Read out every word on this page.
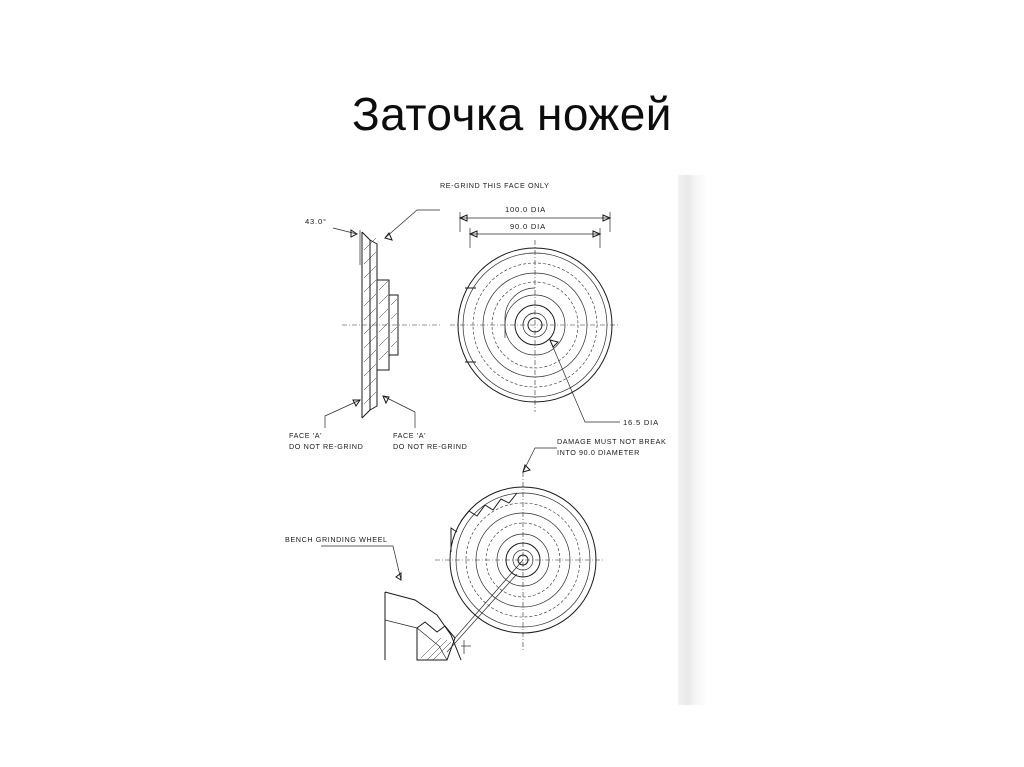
Заточка ножей
RE-GRIND THIS FACE ONLY
43.0°
FACE 'A'
DO NOT RE-GRIND
FACE 'A'
DO NOT RE-GRIND
100.0 DIA
90.0 DIA
16.5 DIA
DAMAGE MUST NOT BREAK
INTO 90.0 DIAMETER
BENCH GRINDING WHEEL
